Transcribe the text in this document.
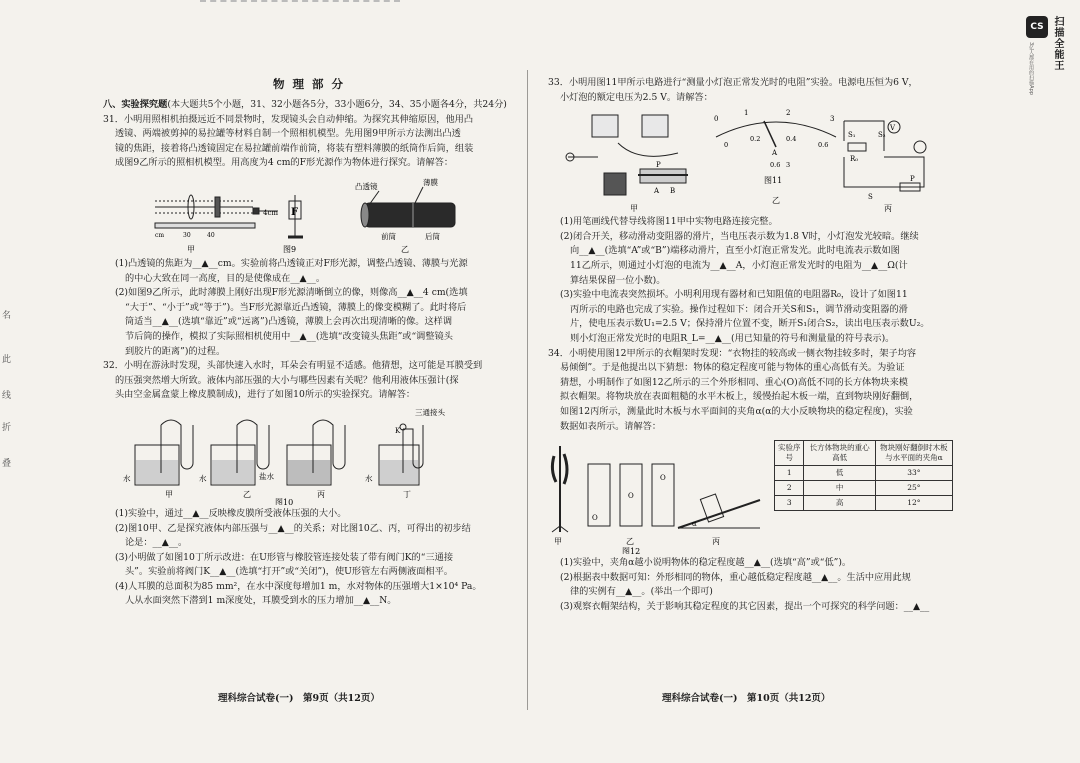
CS 扫描全能王
3亿人都在用的扫描App
名
此
线
折
叠
物 理 部 分

八、实验探究题(本大题共5个小题，31、32小题各5分，33小题6分，34、35小题各4分，共24分)

31．小明用照相机拍摄远近不同景物时，发现镜头会自动伸缩。为探究其伸缩原因，他用凸

透镜、两端被剪掉的易拉罐等材料自制一个照相机模型。先用图9甲所示方法测出凸透

镜的焦距，接着将凸透镜固定在易拉罐前端作前筒，将装有塑料薄膜的纸筒作后筒，组装

成图9乙所示的照相机模型。用高度为4 cm的F形光源作为物体进行探究。请解答：

cm	30	40
4cm F
凸透镜	薄膜
前筒	后筒
甲	图9	乙

(1)凸透镜的焦距为__▲__cm。实验前将凸透镜正对F形光源，调整凸透镜、薄膜与光源

的中心大致在同一高度，目的是使像成在__▲__。

(2)如图9乙所示，此时薄膜上刚好出现F形光源清晰倒立的像，则像高__▲__4 cm(选填

“大于”、“小于”或“等于”)。当F形光源靠近凸透镜，薄膜上的像变模糊了。此时将后

筒适当__▲__(选填“靠近”或“远离”)凸透镜，薄膜上会再次出现清晰的像。这样调

节后筒的操作，模拟了实际照相机使用中__▲__(选填“改变镜头焦距”或“调整镜头

到胶片的距离”)的过程。

32．小明在游泳时发现，头部快速入水时，耳朵会有明显不适感。他猜想，这可能是耳膜受到

的压强突然增大所致。液体内部压强的大小与哪些因素有关呢？他利用液体压强计(探

头由空金属盒蒙上橡皮膜制成)，进行了如图10所示的实验探究。请解答：

水	水	盐水	水
K
三通接头
甲	乙	丙	丁
图10

(1)实验中，通过__▲__反映橡皮膜所受液体压强的大小。

(2)图10甲、乙是探究液体内部压强与__▲__的关系；对比图10乙、丙，可得出的初步结

论是：__▲__。

(3)小明做了如图10丁所示改进：在U形管与橡胶管连接处装了带有阀门K的“三通接

头”。实验前将阀门K__▲__(选填“打开”或“关闭”)，使U形管左右两侧液面相平。

(4)人耳膜的总面积为85 mm²，在水中深度每增加1 m，水对物体的压强增大1×10⁴ Pa。

人从水面突然下潜到1 m深度处，耳膜受到水的压力增加__▲__N。

理科综合试卷(一)　第9页（共12页）

33．小明用图11甲所示电路进行“测量小灯泡正常发光时的电阻”实验。电源电压恒为6 V，

小灯泡的额定电压为2.5 V。请解答：

0
1	2
3
0
0.2	0.4
0.6
A
0.6 3
P
A B
S₁
V
R₀
S₂
S
P
甲
图11
乙
丙

(1)用笔画线代替导线将图11甲中实物电路连接完整。

(2)闭合开关，移动滑动变阻器的滑片，当电压表示数为1.8 V时，小灯泡发光较暗。继续

向__▲__(选填“A”或“B”)端移动滑片，直至小灯泡正常发光。此时电流表示数如图

11乙所示，则通过小灯泡的电流为__▲__A，小灯泡正常发光时的电阻为__▲__Ω(计

算结果保留一位小数)。

(3)实验中电流表突然损坏。小明利用现有器材和已知阻值的电阻器R₀，设计了如图11

丙所示的电路也完成了实验。操作过程如下：闭合开关S和S₁，调节滑动变阻器的滑

片，使电压表示数U₁=2.5 V；保持滑片位置不变，断开S₁闭合S₂，读出电压表示数U₂。

则小灯泡正常发光时的电阻R_L=__▲__(用已知量的符号和测量量的符号表示)。

34．小明使用图12甲所示的衣帽架时发现：“衣物挂的较高或一侧衣物挂较多时，架子均容

易倾倒”。于是他提出以下猜想：物体的稳定程度可能与物体的重心高低有关。为验证

猜想，小明制作了如图12乙所示的三个外形相同、重心(O)高低不同的长方体物块来模

拟衣帽架。将物块放在表面粗糙的水平木板上，缓慢抬起木板一端，直到物块刚好翻倒，

如图12丙所示，测量此时木板与水平面间的夹角α(α的大小反映物块的稳定程度)，实验

数据如表所示。请解答：

O
O
O
α
甲	乙	丙
图12
实验序号	长方体物块的重心高低	物块刚好翻倒时木板与水平面的夹角α
1	低	33°
2	中	25°
3	高	12°

(1)实验中，夹角α越小说明物体的稳定程度越__▲__(选填“高”或“低”)。

(2)根据表中数据可知：外形相同的物体，重心越低稳定程度越__▲__。生活中应用此规

律的实例有__▲__。(举出一个即可)

(3)观察衣帽架结构，关于影响其稳定程度的其它因素，提出一个可探究的科学问题：__▲__

理科综合试卷(一)　第10页（共12页）
